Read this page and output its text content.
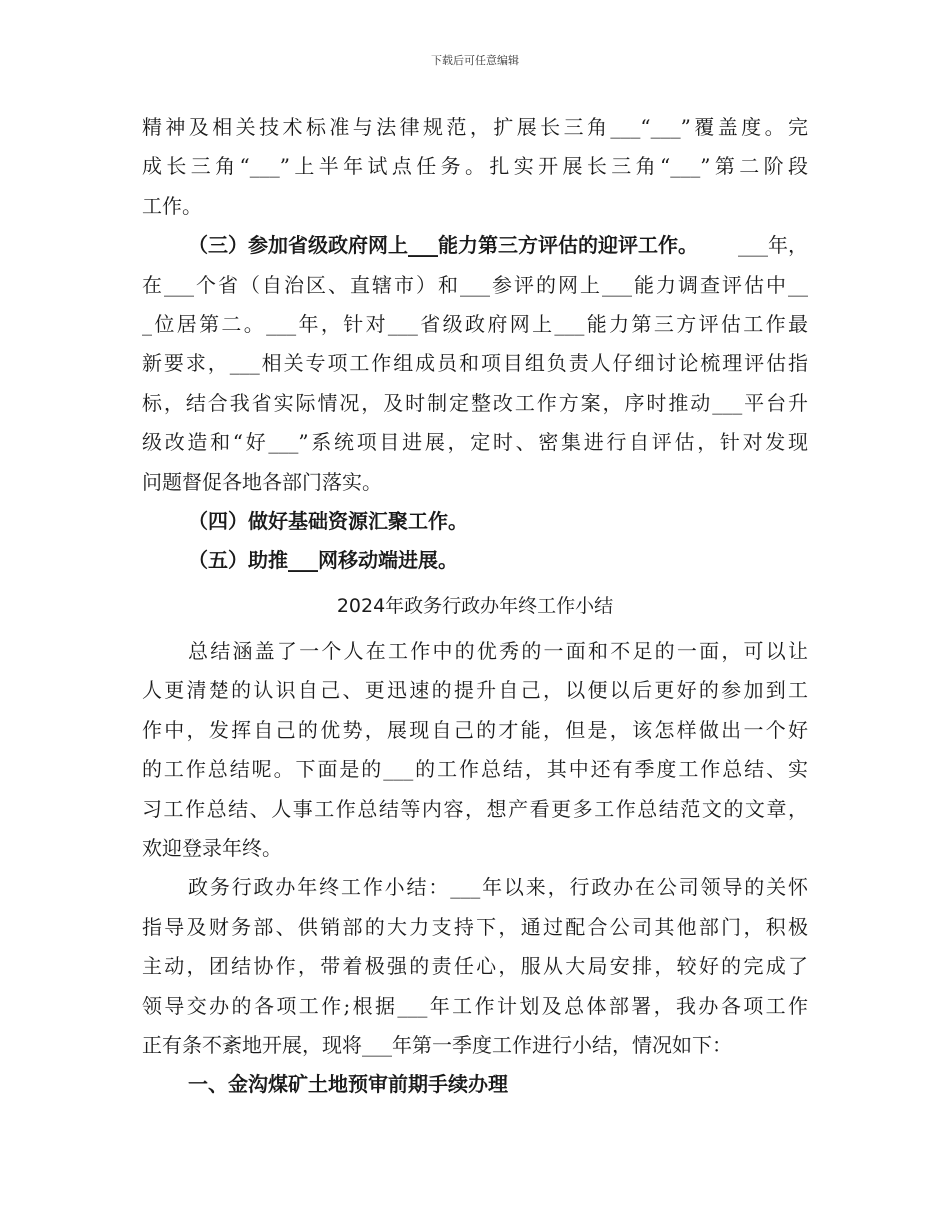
下载后可任意编辑
精神及相关技术标准与法律规范，扩展长三角___“___”覆盖度。完
成长三角“___”上半年试点任务。扎实开展长三角“___”第二阶段
工作。
（三）参加省级政府网上___能力第三方评估的迎评工作。 ___年，
在___个省（自治区、直辖市）和___参评的网上___能力调查评估中__
_位居第二。___年，针对___省级政府网上___能力第三方评估工作最
新要求，___相关专项工作组成员和项目组负责人仔细讨论梳理评估指
标，结合我省实际情况，及时制定整改工作方案，序时推动___平台升
级改造和“好___”系统项目进展，定时、密集进行自评估，针对发现
问题督促各地各部门落实。
（四）做好基础资源汇聚工作。
（五）助推___网移动端进展。
2024年政务行政办年终工作小结
总结涵盖了一个人在工作中的优秀的一面和不足的一面，可以让
人更清楚的认识自己、更迅速的提升自己，以便以后更好的参加到工
作中，发挥自己的优势，展现自己的才能，但是，该怎样做出一个好
的工作总结呢。下面是的___的工作总结，其中还有季度工作总结、实
习工作总结、人事工作总结等内容，想产看更多工作总结范文的文章，
欢迎登录年终。
政务行政办年终工作小结：___年以来，行政办在公司领导的关怀
指导及财务部、供销部的大力支持下，通过配合公司其他部门，积极
主动，团结协作，带着极强的责任心，服从大局安排，较好的完成了
领导交办的各项工作;根据___年工作计划及总体部署，我办各项工作
正有条不紊地开展，现将___年第一季度工作进行小结，情况如下：
一、金沟煤矿土地预审前期手续办理
